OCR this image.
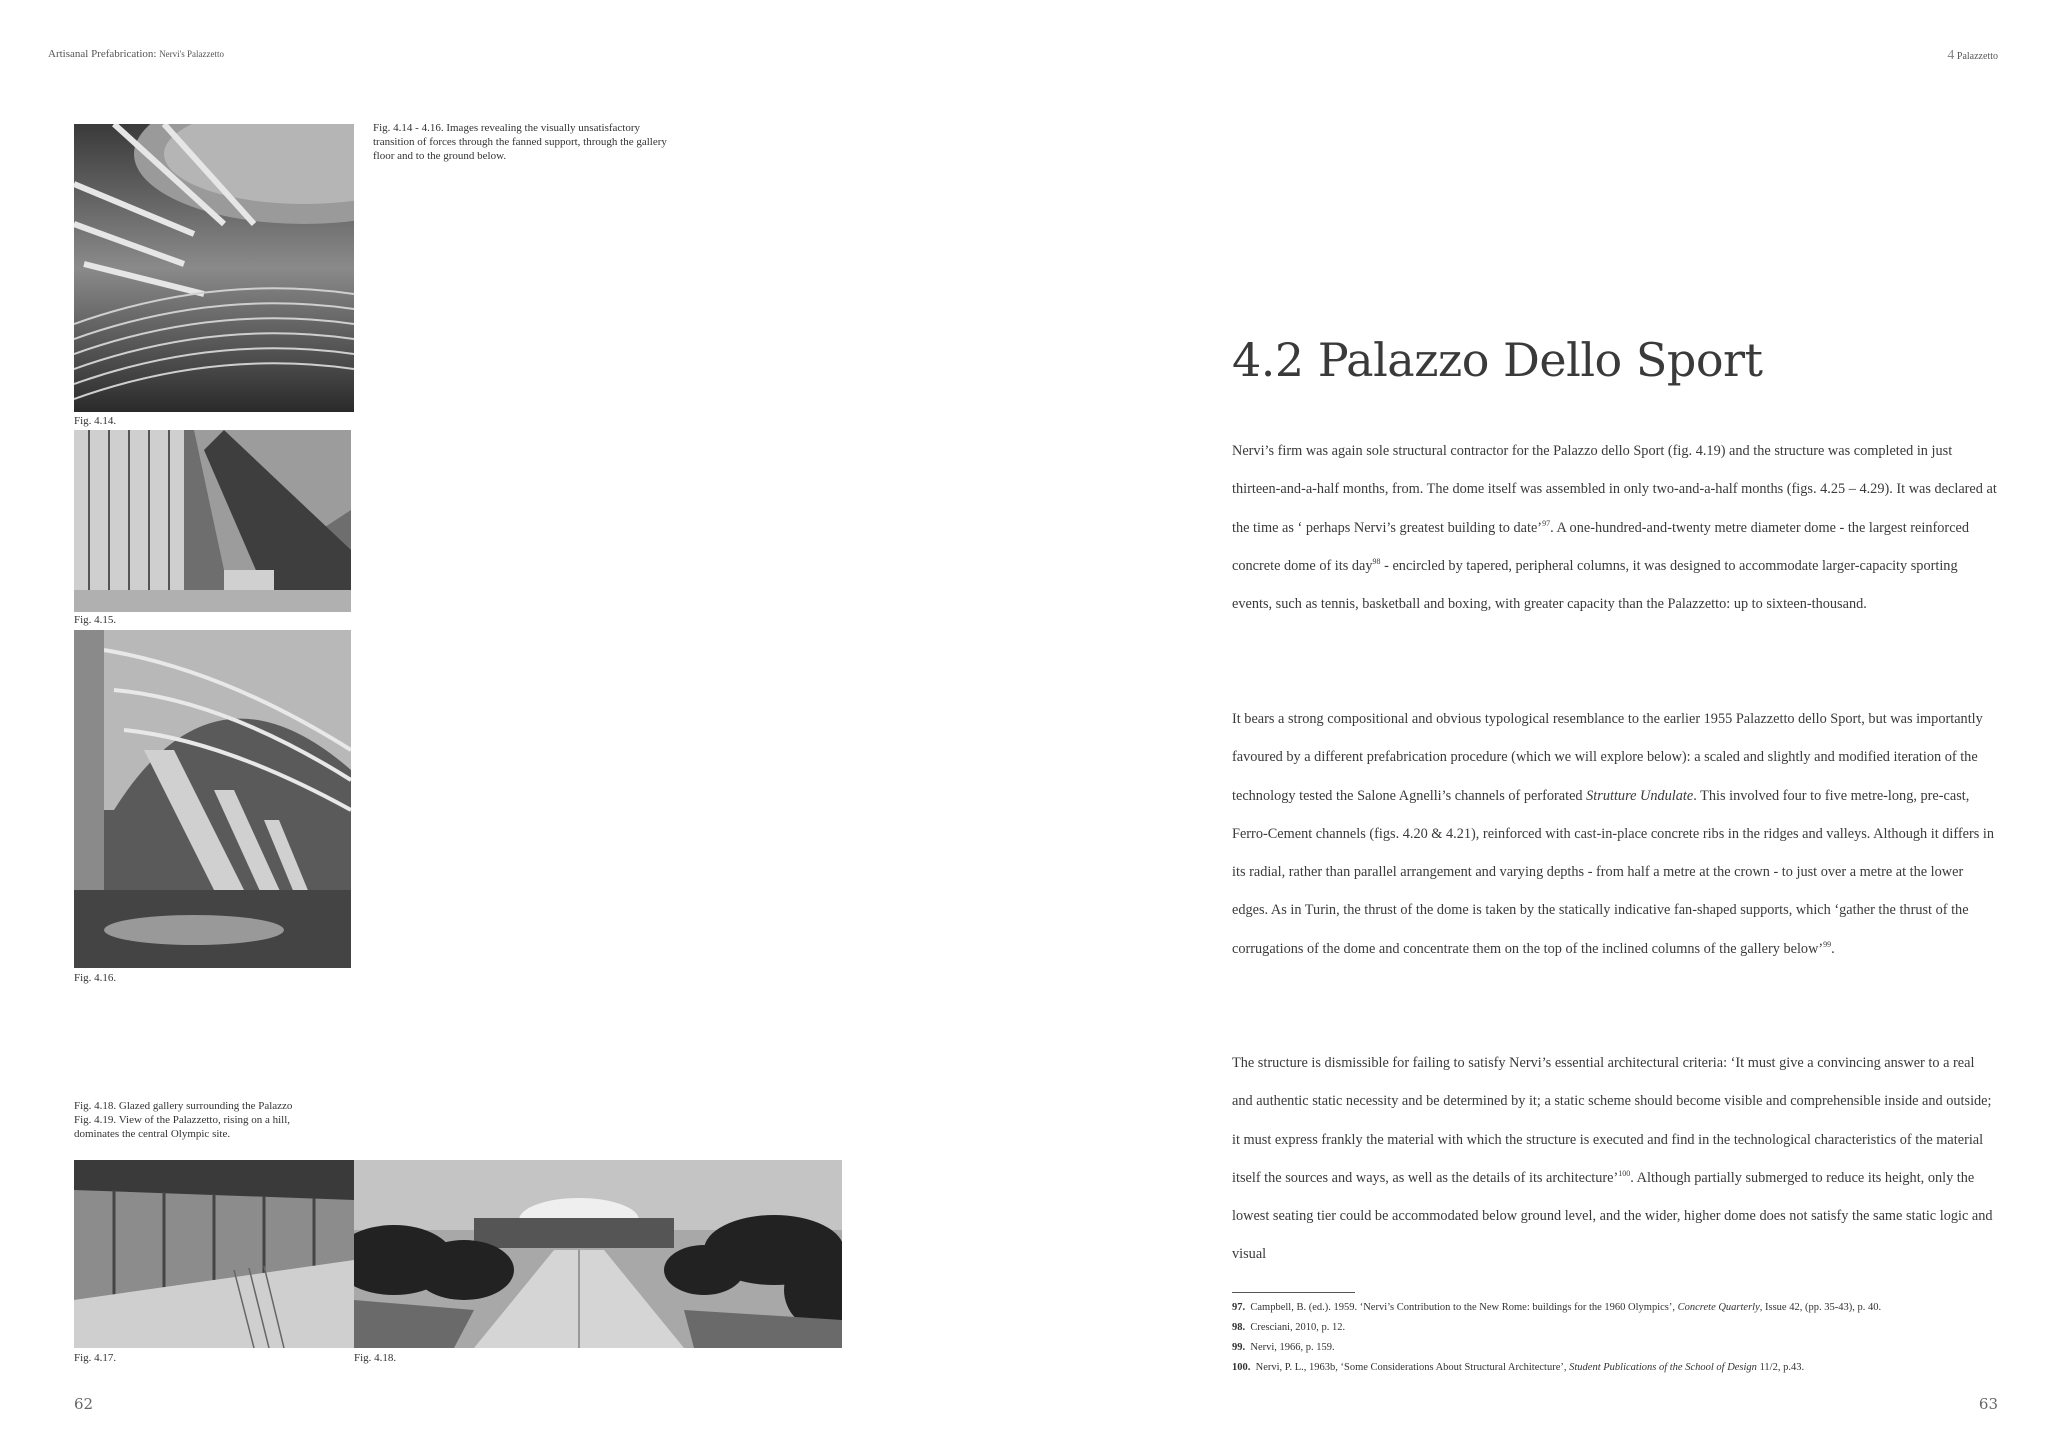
Artisanal Prefabrication: Nervi's Palazzetto	4 Palazzetto
Fig. 4.14.
Fig. 4.15.
Fig. 4.16.
Fig. 4.14 - 4.16. Images revealing the visually unsatisfactory transition of forces through the fanned support, through the gallery floor and to the ground below.
Fig. 4.18. Glazed gallery surrounding the Palazzo
Fig. 4.19. View of the Palazzetto, rising on a hill, dominates the central Olympic site.
Fig. 4.17.	Fig. 4.18.
62
4.2 Palazzo Dello Sport

Nervi’s firm was again sole structural contractor for the Palazzo dello Sport (fig. 4.19) and the structure was completed in just thirteen-and-a-half months, from. The dome itself was assembled in only two-and-a-half months (figs. 4.25 – 4.29). It was declared at the time as ‘ perhaps Nervi’s greatest building to date’$^{97}$. A one-hundred-and-twenty metre diameter dome - the largest reinforced concrete dome of its day$^{98}$ - encircled by tapered, peripheral columns, it was designed to accommodate larger-capacity sporting events, such as tennis, basketball and boxing, with greater capacity than the Palazzetto: up to sixteen-thousand.

It bears a strong compositional and obvious typological resemblance to the earlier 1955 Palazzetto dello Sport, but was importantly favoured by a different prefabrication procedure (which we will explore below): a scaled and slightly and modified iteration of the technology tested the Salone Agnelli’s channels of perforated Strutture Undulate. This involved four to five metre-long, pre-cast, Ferro-Cement channels (figs. 4.20 & 4.21), reinforced with cast-in-place concrete ribs in the ridges and valleys. Although it differs in its radial, rather than parallel arrangement and varying depths - from half a metre at the crown - to just over a metre at the lower edges. As in Turin, the thrust of the dome is taken by the statically indicative fan-shaped supports, which ‘gather the thrust of the corrugations of the dome and concentrate them on the top of the inclined columns of the gallery below’$^{99}$.

The structure is dismissible for failing to satisfy Nervi’s essential architectural criteria: ‘It must give a convincing answer to a real and authentic static necessity and be determined by it; a static scheme should become visible and comprehensible inside and outside; it must express frankly the material with which the structure is executed and find in the technological characteristics of the material itself the sources and ways, as well as the details of its architecture’$^{100}$. Although partially submerged to reduce its height, only the lowest seating tier could be accommodated below ground level, and the wider, higher dome does not satisfy the same static logic and visual

97. Campbell, B. (ed.). 1959. ‘Nervi’s Contribution to the New Rome: buildings for the 1960 Olympics’, Concrete Quarterly, Issue 42, (pp. 35-43), p. 40.
98. Cresciani, 2010, p. 12.
99. Nervi, 1966, p. 159.
100. Nervi, P. L., 1963b, ‘Some Considerations About Structural Architecture’, Student Publications of the School of Design 11/2, p.43.
63
